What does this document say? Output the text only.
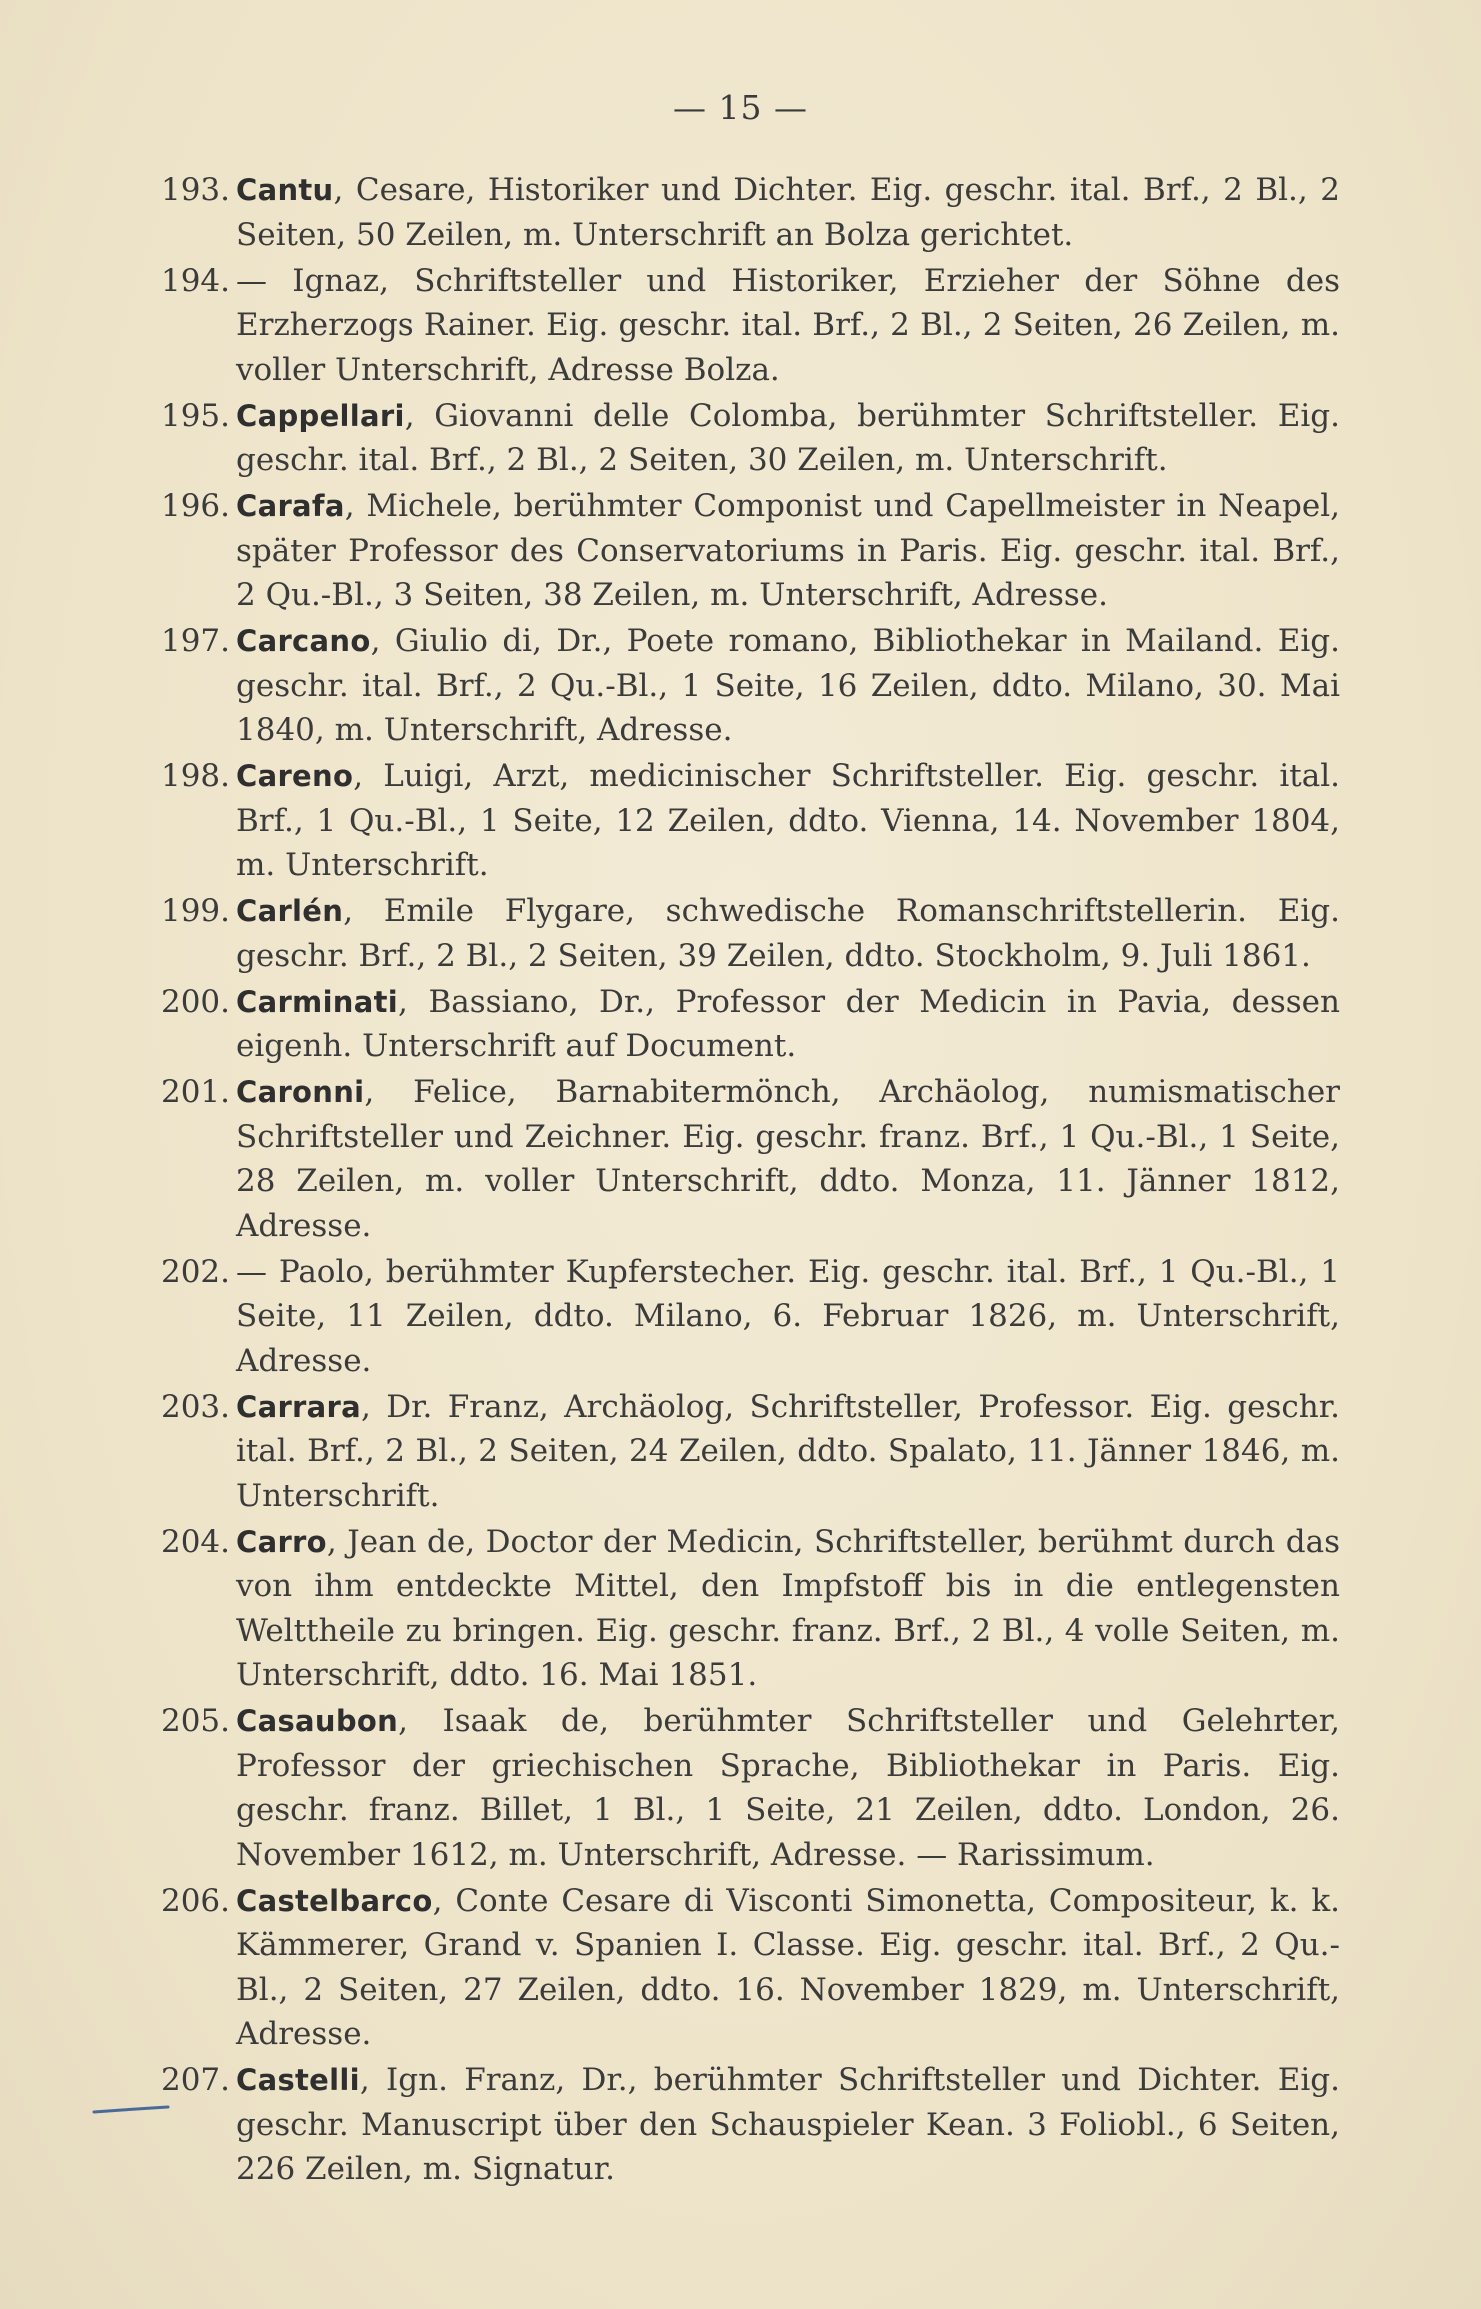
— 15 —
193. Cantu, Cesare, Historiker und Dichter. Eig. geschr. ital. Brf., 2 Bl., 2 Seiten, 50 Zeilen, m. Unterschrift an Bolza gerichtet.
194. — Ignaz, Schriftsteller und Historiker, Erzieher der Söhne des Erzherzogs Rainer. Eig. geschr. ital. Brf., 2 Bl., 2 Seiten, 26 Zeilen, m. voller Unterschrift, Adresse Bolza.
195. Cappellari, Giovanni delle Colomba, berühmter Schriftsteller. Eig. geschr. ital. Brf., 2 Bl., 2 Seiten, 30 Zeilen, m. Unterschrift.
196. Carafa, Michele, berühmter Componist und Capellmeister in Neapel, später Professor des Conservatoriums in Paris. Eig. geschr. ital. Brf., 2 Qu.-Bl., 3 Seiten, 38 Zeilen, m. Unterschrift, Adresse.
197. Carcano, Giulio di, Dr., Poete romano, Bibliothekar in Mailand. Eig. geschr. ital. Brf., 2 Qu.-Bl., 1 Seite, 16 Zeilen, ddto. Milano, 30. Mai 1840, m. Unterschrift, Adresse.
198. Careno, Luigi, Arzt, medicinischer Schriftsteller. Eig. geschr. ital. Brf., 1 Qu.-Bl., 1 Seite, 12 Zeilen, ddto. Vienna, 14. November 1804, m. Unterschrift.
199. Carlén, Emile Flygare, schwedische Romanschriftstellerin. Eig. geschr. Brf., 2 Bl., 2 Seiten, 39 Zeilen, ddto. Stockholm, 9. Juli 1861.
200. Carminati, Bassiano, Dr., Professor der Medicin in Pavia, dessen eigenh. Unterschrift auf Document.
201. Caronni, Felice, Barnabitermönch, Archäolog, numismatischer Schriftsteller und Zeichner. Eig. geschr. franz. Brf., 1 Qu.-Bl., 1 Seite, 28 Zeilen, m. voller Unterschrift, ddto. Monza, 11. Jänner 1812, Adresse.
202. — Paolo, berühmter Kupferstecher. Eig. geschr. ital. Brf., 1 Qu.-Bl., 1 Seite, 11 Zeilen, ddto. Milano, 6. Februar 1826, m. Unterschrift, Adresse.
203. Carrara, Dr. Franz, Archäolog, Schriftsteller, Professor. Eig. geschr. ital. Brf., 2 Bl., 2 Seiten, 24 Zeilen, ddto. Spalato, 11. Jänner 1846, m. Unterschrift.
204. Carro, Jean de, Doctor der Medicin, Schriftsteller, berühmt durch das von ihm entdeckte Mittel, den Impfstoff bis in die entlegensten Welttheile zu bringen. Eig. geschr. franz. Brf., 2 Bl., 4 volle Seiten, m. Unterschrift, ddto. 16. Mai 1851.
205. Casaubon, Isaak de, berühmter Schriftsteller und Gelehrter, Professor der griechischen Sprache, Bibliothekar in Paris. Eig. geschr. franz. Billet, 1 Bl., 1 Seite, 21 Zeilen, ddto. London, 26. November 1612, m. Unterschrift, Adresse. — Rarissimum.
206. Castelbarco, Conte Cesare di Visconti Simonetta, Compositeur, k. k. Kämmerer, Grand v. Spanien I. Classe. Eig. geschr. ital. Brf., 2 Qu.-Bl., 2 Seiten, 27 Zeilen, ddto. 16. November 1829, m. Unterschrift, Adresse.
207. Castelli, Ign. Franz, Dr., berühmter Schriftsteller und Dichter. Eig. geschr. Manuscript über den Schauspieler Kean. 3 Foliobl., 6 Seiten, 226 Zeilen, m. Signatur.
